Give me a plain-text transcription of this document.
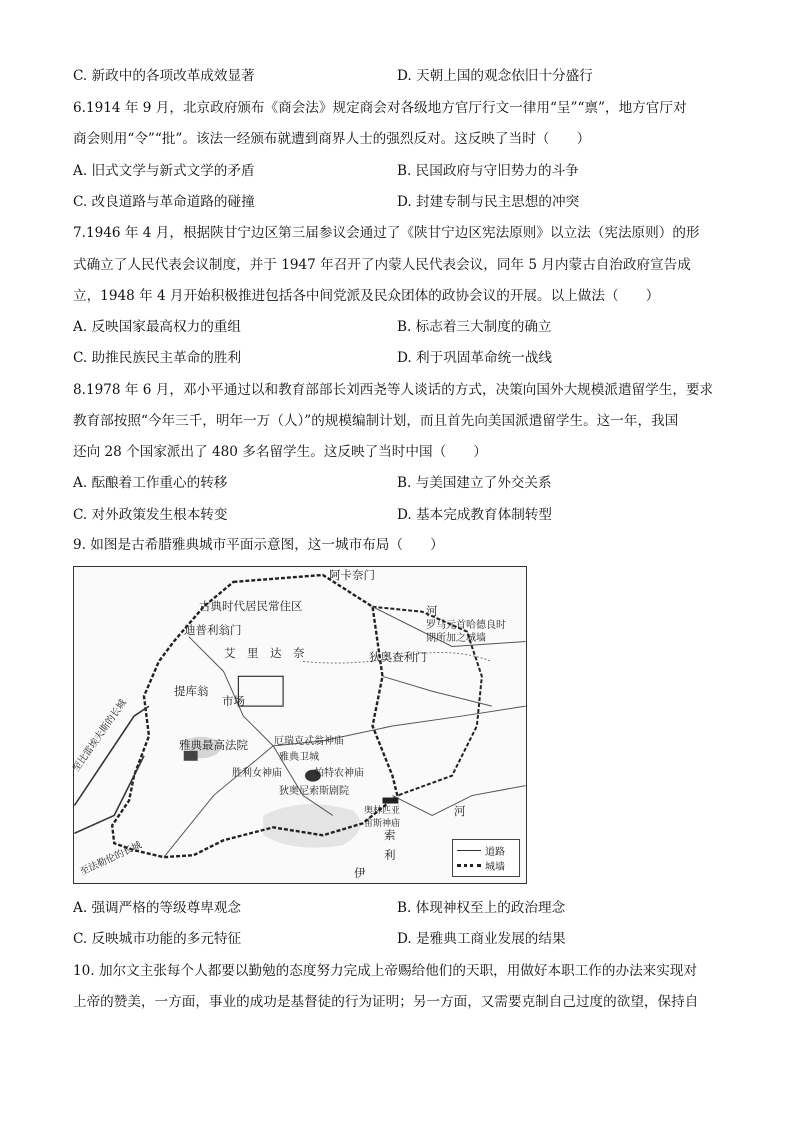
C. 新政中的各项改革成效显著	D. 天朝上国的观念依旧十分盛行
6.1914 年 9 月，北京政府颁布《商会法》规定商会对各级地方官厅行文一律用“呈”“禀”，地方官厅对
商会则用“令”“批”。该法一经颁布就遭到商界人士的强烈反对。这反映了当时（　　）
A. 旧式文学与新式文学的矛盾	B. 民国政府与守旧势力的斗争
C. 改良道路与革命道路的碰撞	D. 封建专制与民主思想的冲突
7.1946 年 4 月，根据陕甘宁边区第三届参议会通过了《陕甘宁边区宪法原则》以立法（宪法原则）的形
式确立了人民代表会议制度，并于 1947 年召开了内蒙人民代表会议，同年 5 月内蒙古自治政府宣告成
立，1948 年 4 月开始积极推进包括各中间党派及民众团体的政协会议的开展。以上做法（　　）
A. 反映国家最高权力的重组	B. 标志着三大制度的确立
C. 助推民族民主革命的胜利	D. 利于巩固革命统一战线
8.1978 年 6 月，邓小平通过以和教育部部长刘西尧等人谈话的方式，决策向国外大规模派遣留学生，要求
教育部按照“今年三千，明年一万（人）”的规模编制计划，而且首先向美国派遣留学生。这一年，我国
还向 28 个国家派出了 480 多名留学生。这反映了当时中国（　　）
A. 酝酿着工作重心的转移	B. 与美国建立了外交关系
C. 对外政策发生根本转变	D. 基本完成教育体制转型
9. 如图是古希腊雅典城市平面示意图，这一城市布局（　　）
阿卡奈门
古典时代居民常住区	河
迪普利翁门
艾　里　达　奈	狄奥查利门
罗马元首哈德良时期所加之城墙
提库翁
市场
雅典最高法院	厄瑞克忒翁神庙
雅典卫城
胜利女神庙	帕特农神庙
狄奥尼索斯剧院
奥林匹亚宙斯神庙
至比雷埃夫斯的长城
至法勒伦的长城
河
索
利
伊
道路
城墙
A. 强调严格的等级尊卑观念	B. 体现神权至上的政治理念
C. 反映城市功能的多元特征	D. 是雅典工商业发展的结果
10. 加尔文主张每个人都要以勤勉的态度努力完成上帝赐给他们的天职，用做好本职工作的办法来实现对
上帝的赞美，一方面，事业的成功是基督徒的行为证明；另一方面，又需要克制自己过度的欲望，保持自
